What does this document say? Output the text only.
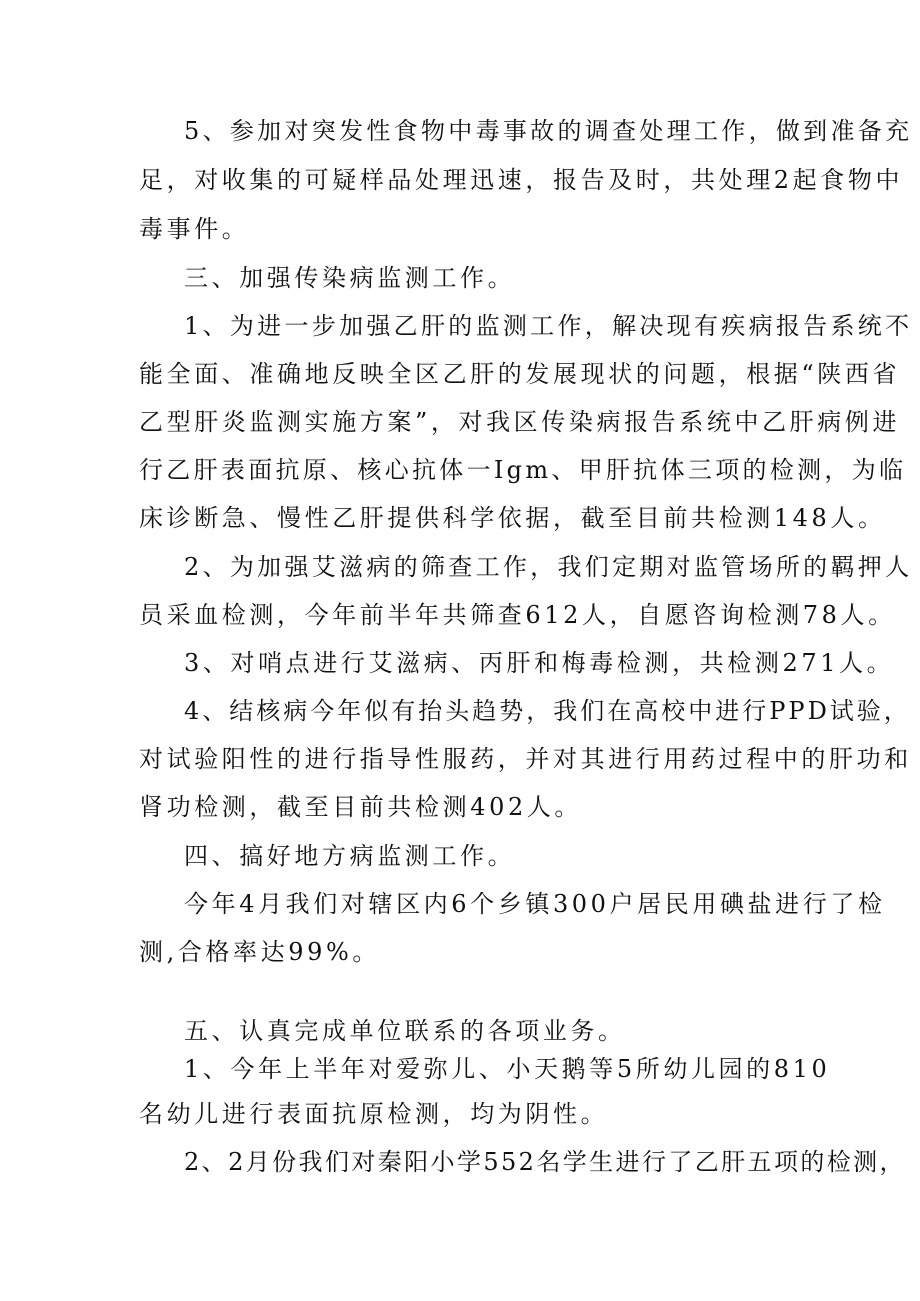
5、参加对突发性食物中毒事故的调查处理工作，做到准备充

足，对收集的可疑样品处理迅速，报告及时，共处理2起食物中

毒事件。

三、加强传染病监测工作。

1、为进一步加强乙肝的监测工作，解决现有疾病报告系统不

能全面、准确地反映全区乙肝的发展现状的问题，根据“陕西省

乙型肝炎监测实施方案”，对我区传染病报告系统中乙肝病例进

行乙肝表面抗原、核心抗体一Igm、甲肝抗体三项的检测，为临

床诊断急、慢性乙肝提供科学依据，截至目前共检测148人。

2、为加强艾滋病的筛查工作，我们定期对监管场所的羁押人

员采血检测，今年前半年共筛查612人，自愿咨询检测78人。

3、对哨点进行艾滋病、丙肝和梅毒检测，共检测271人。

4、结核病今年似有抬头趋势，我们在高校中进行PPD试验，

对试验阳性的进行指导性服药，并对其进行用药过程中的肝功和

肾功检测，截至目前共检测402人。

四、搞好地方病监测工作。

今年4月我们对辖区内6个乡镇300户居民用碘盐进行了检

测,合格率达99%。

五、认真完成单位联系的各项业务。

1、今年上半年对爱弥儿、小天鹅等5所幼儿园的810

名幼儿进行表面抗原检测，均为阴性。

2、2月份我们对秦阳小学552名学生进行了乙肝五项的检测，
